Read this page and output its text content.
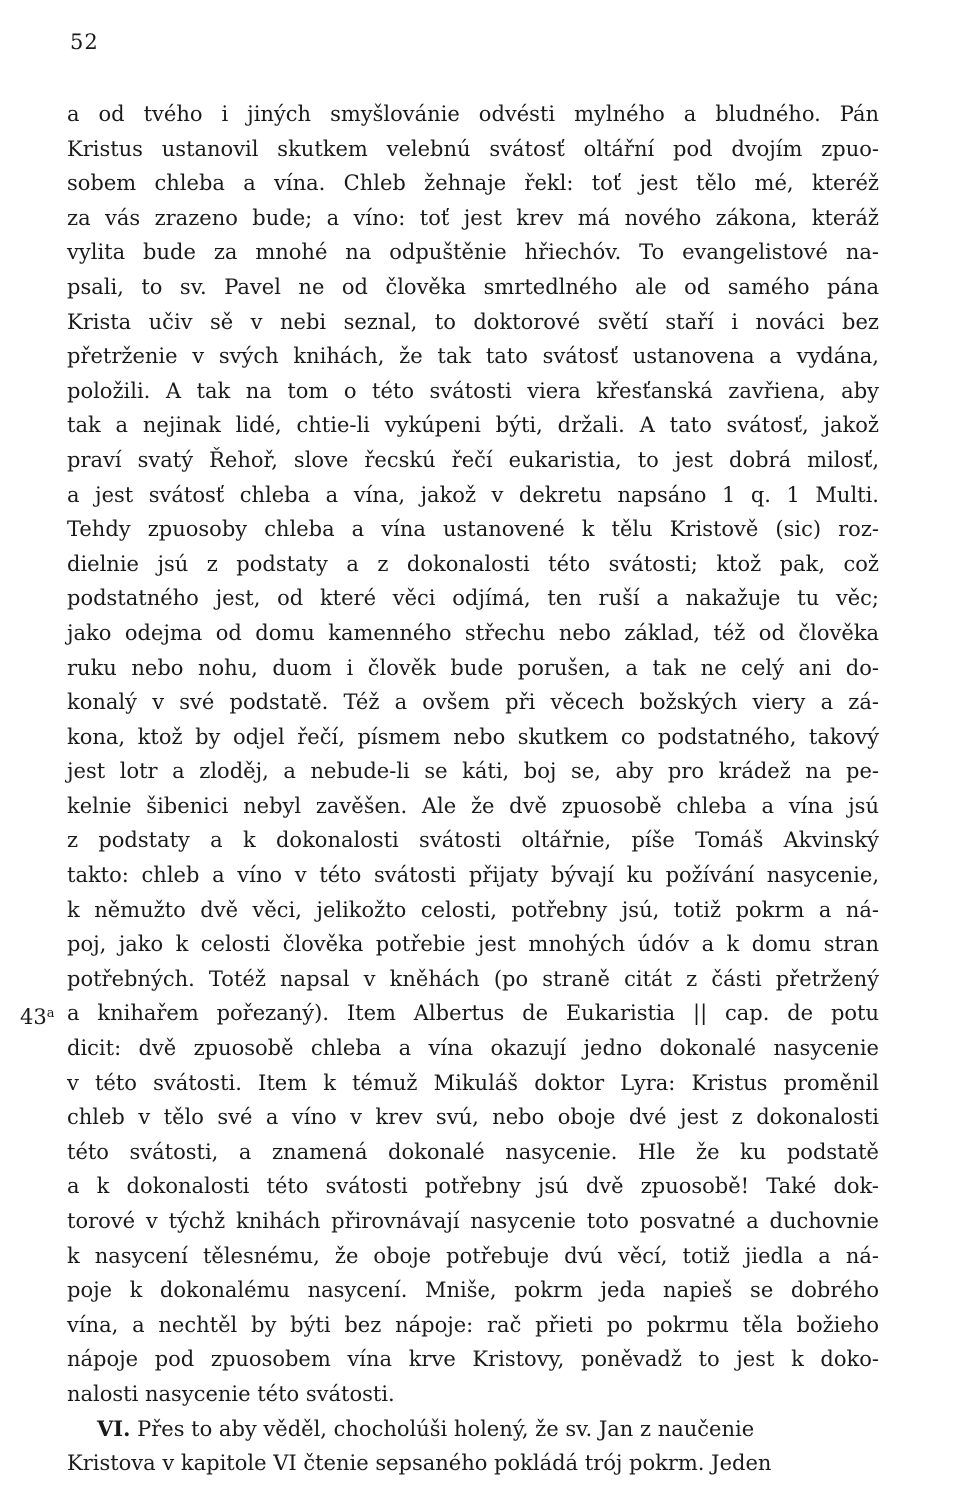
52
43$^a$
a od tvého i jiných smyšlovánie odvésti mylného a bludného. Pán
Kristus ustanovil skutkem velebnú svátosť oltářní pod dvojím zpuo-
sobem chleba a vína. Chleb žehnaje řekl: toť jest tělo mé, kteréž
za vás zrazeno bude; a víno: toť jest krev má nového zákona, kteráž
vylita bude za mnohé na odpuštěnie hřiechóv. To evangelistové na-
psali, to sv. Pavel ne od člověka smrtedlného ale od samého pána
Krista učiv sě v nebi seznal, to doktorové světí staří i nováci bez
přetrženie v svých knihách, že tak tato svátosť ustanovena a vydána,
položili. A tak na tom o této svátosti viera křesťanská zavřiena, aby
tak a nejinak lidé, chtie-li vykúpeni býti, držali. A tato svátosť, jakož
praví svatý Řehoř, slove řecskú řečí eukaristia, to jest dobrá milosť,
a jest svátosť chleba a vína, jakož v dekretu napsáno 1 q. 1 Multi.
Tehdy zpuosoby chleba a vína ustanovené k tělu Kristově (sic) roz-
dielnie jsú z podstaty a z dokonalosti této svátosti; ktož pak, což
podstatného jest, od které věci odjímá, ten ruší a nakažuje tu věc;
jako odejma od domu kamenného střechu nebo základ, též od člověka
ruku nebo nohu, duom i člověk bude porušen, a tak ne celý ani do-
konalý v své podstatě. Též a ovšem při věcech božských viery a zá-
kona, ktož by odjel řečí, písmem nebo skutkem co podstatného, takový
jest lotr a zloděj, a nebude-li se káti, boj se, aby pro krádež na pe-
kelnie šibenici nebyl zavěšen. Ale že dvě zpuosobě chleba a vína jsú
z podstaty a k dokonalosti svátosti oltářnie, píše Tomáš Akvinský
takto: chleb a víno v této svátosti přijaty bývají ku požívání nasycenie,
k němužto dvě věci, jelikožto celosti, potřebny jsú, totiž pokrm a ná-
poj, jako k celosti člověka potřebie jest mnohých údóv a k domu stran
potřebných. Totéž napsal v kněhách (po straně citát z části přetržený
a knihařem pořezaný). Item Albertus de Eukaristia || cap. de potu
dicit: dvě zpuosobě chleba a vína okazují jedno dokonalé nasycenie
v této svátosti. Item k témuž Mikuláš doktor Lyra: Kristus proměnil
chleb v tělo své a víno v krev svú, nebo oboje dvé jest z dokonalosti
této svátosti, a znamená dokonalé nasycenie. Hle že ku podstatě
a k dokonalosti této svátosti potřebny jsú dvě zpuosobě! Také dok-
torové v týchž knihách přirovnávají nasycenie toto posvatné a duchovnie
k nasycení tělesnému, že oboje potřebuje dvú věcí, totiž jiedla a ná-
poje k dokonalému nasycení. Mniše, pokrm jeda napieš se dobrého
vína, a nechtěl by býti bez nápoje: rač přieti po pokrmu těla božieho
nápoje pod zpuosobem vína krve Kristovy, poněvadž to jest k doko-
nalosti nasycenie této svátosti.
VI. Přes to aby věděl, chocholúši holený, že sv. Jan z naučenie
Kristova v kapitole VI čtenie sepsaného pokládá trój pokrm. Jeden
